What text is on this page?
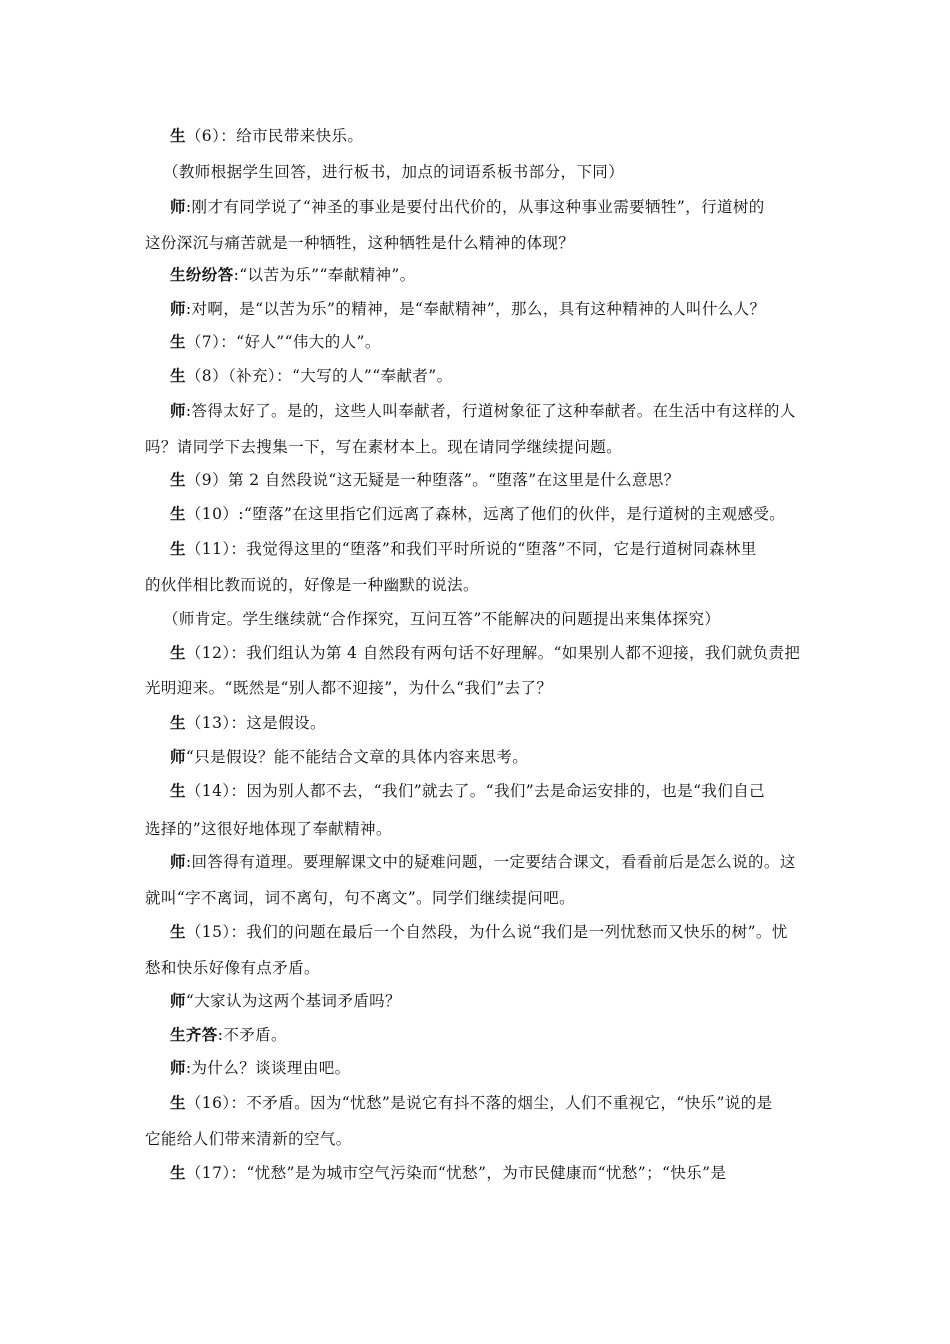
生（6）：给市民带来快乐。
（教师根据学生回答，进行板书，加点的词语系板书部分，下同）
师:刚才有同学说了“神圣的事业是要付出代价的，从事这种事业需要牺牲”，行道树的
这份深沉与痛苦就是一种牺牲，这种牺牲是什么精神的体现？
生纷纷答:“以苦为乐”“奉献精神”。
师:对啊，是“以苦为乐”的精神，是“奉献精神”，那么，具有这种精神的人叫什么人？
生（7）：“好人”“伟大的人”。
生（8）（补充）：“大写的人”“奉献者”。
师:答得太好了。是的，这些人叫奉献者，行道树象征了这种奉献者。在生活中有这样的人
吗？请同学下去搜集一下，写在素材本上。现在请同学继续提问题。
生（9）第 2 自然段说“这无疑是一种堕落”。“堕落”在这里是什么意思？
生（10）:“堕落”在这里指它们远离了森林，远离了他们的伙伴，是行道树的主观感受。
生（11）：我觉得这里的“堕落”和我们平时所说的“堕落”不同，它是行道树同森林里
的伙伴相比教而说的，好像是一种幽默的说法。
（师肯定。学生继续就“合作探究，互问互答”不能解决的问题提出来集体探究）
生（12）：我们组认为第 4 自然段有两句话不好理解。“如果别人都不迎接，我们就负责把
光明迎来。“既然是“别人都不迎接”，为什么“我们”去了？
生（13）：这是假设。
师“只是假设？能不能结合文章的具体内容来思考。
生（14）：因为别人都不去，“我们”就去了。“我们”去是命运安排的，也是“我们自己
选择的”这很好地体现了奉献精神。
师:回答得有道理。要理解课文中的疑难问题，一定要结合课文，看看前后是怎么说的。这
就叫“字不离词，词不离句，句不离文”。同学们继续提问吧。
生（15）：我们的问题在最后一个自然段，为什么说“我们是一列忧愁而又快乐的树”。忧
愁和快乐好像有点矛盾。
师“大家认为这两个基词矛盾吗？
生齐答:不矛盾。
师:为什么？谈谈理由吧。
生（16）：不矛盾。因为“忧愁”是说它有抖不落的烟尘，人们不重视它，“快乐”说的是
它能给人们带来清新的空气。
生（17）：“忧愁”是为城市空气污染而“忧愁”，为市民健康而“忧愁”；“快乐”是
